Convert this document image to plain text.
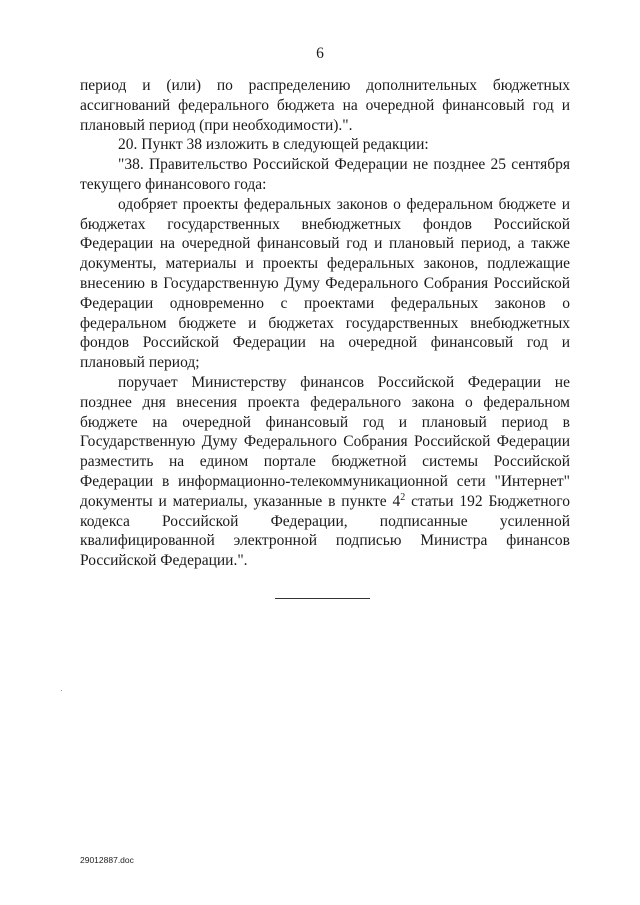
6

период и (или) по распределению дополнительных бюджетных ассигнований федерального бюджета на очередной финансовый год и плановый период (при необходимости).".

20. Пункт 38 изложить в следующей редакции:

"38. Правительство Российской Федерации не позднее 25 сентября текущего финансового года:

одобряет проекты федеральных законов о федеральном бюджете и бюджетах государственных внебюджетных фондов Российской Федерации на очередной финансовый год и плановый период, а также документы, материалы и проекты федеральных законов, подлежащие внесению в Государственную Думу Федерального Собрания Российской Федерации одновременно с проектами федеральных законов о федеральном бюджете и бюджетах государственных внебюджетных фондов Российской Федерации на очередной финансовый год и плановый период;

поручает Министерству финансов Российской Федерации не позднее дня внесения проекта федерального закона о федеральном бюджете на очередной финансовый год и плановый период в Государственную Думу Федерального Собрания Российской Федерации разместить на едином портале бюджетной системы Российской Федерации в информационно-телекоммуникационной сети "Интернет" документы и материалы, указанные в пункте $4^2$ статьи 192 Бюджетного кодекса Российской Федерации, подписанные усиленной квалифицированной электронной подписью Министра финансов Российской Федерации.".

29012887.doc
